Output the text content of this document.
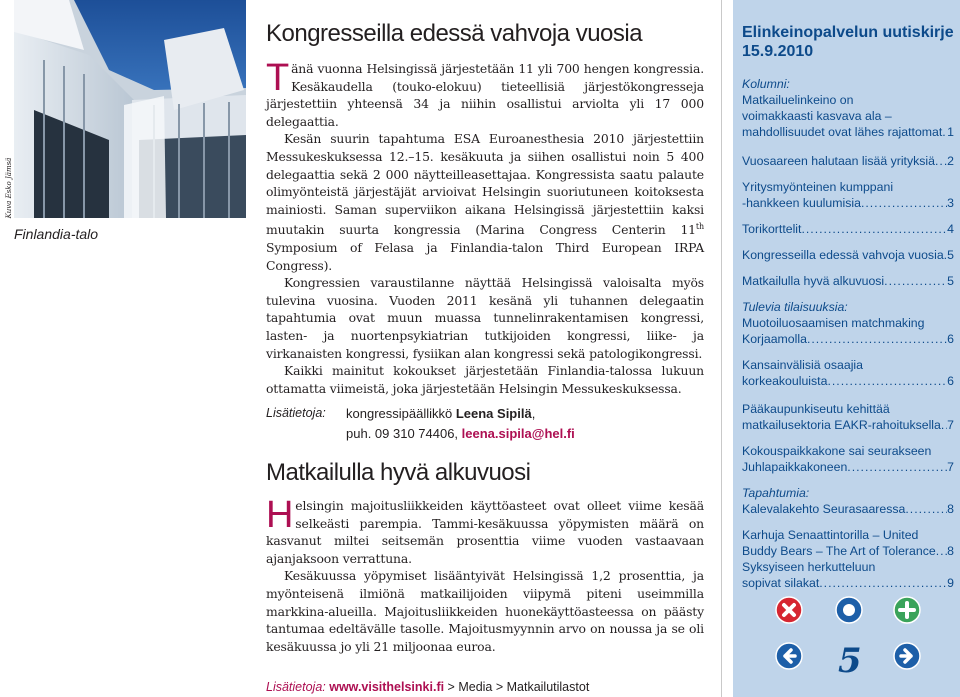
Kuva Esko Jämsä
Finlandia-talo
Kongresseilla edessä vahvoja vuosia

Tänä vuonna Helsingissä järjestetään 11 yli 700 hengen kongressia. Kesäkaudella (touko-elokuu) tieteellisiä järjestökongresseja järjestettiin yhteensä 34 ja niihin osallistui arviolta yli 17 000 delegaattia.

Kesän suurin tapahtuma ESA Euroanesthesia 2010 järjestettiin Messukeskuksessa 12.–15. kesäkuuta ja siihen osallistui noin 5 400 delegaattia sekä 2 000 näytteilleasettajaa. Kongressista saatu palaute olimyönteistä järjestäjät arvioivat Helsingin suoriutuneen koitoksesta mainiosti. Saman superviikon aikana Helsingissä järjestettiin kaksi muutakin suurta kongressia (Marina Congress Centerin 11th Symposium of Felasa ja Finlandia-talon Third European IRPA Congress).

Kongressien varaustilanne näyttää Helsingissä valoisalta myös tulevina vuosina. Vuoden 2011 kesänä yli tuhannen delegaatin tapahtumia ovat muun muassa tunnelinrakentamisen kongressi, lasten- ja nuortenpsykiatrian tutkijoiden kongressi, liike- ja virkanaisten kongressi, fysiikan alan kongressi sekä patologikongressi.

Kaikki mainitut kokoukset järjestetään Finlandia-talossa lukuun ottamatta viimeistä, joka järjestetään Helsingin Messukeskuksessa.

Lisätietoja: kongressipäällikkö Leena Sipilä,
puh. 09 310 74406, leena.sipila@hel.fi
Matkailulla hyvä alkuvuosi

Helsingin majoitusliikkeiden käyttöasteet ovat olleet viime kesää selkeästi parempia. Tammi-kesäkuussa yöpymisten määrä on kasvanut miltei seitsemän prosenttia viime vuoden vastaavaan ajanjaksoon verrattuna.

Kesäkuussa yöpymiset lisääntyivät Helsingissä 1,2 prosenttia, ja myönteisenä ilmiönä matkailijoiden viipymä piteni useimmilla markkina-alueilla. Majoitusliikkeiden huonekäyttöasteessa on päästy tantumaa edeltävälle tasolle. Majoitusmyynnin arvo on noussa ja se oli kesäkuussa jo yli 21 miljoonaa euroa.

Lisätietoja: www.visithelsinki.fi > Media > Matkailutilastot
Elinkeinopalvelun uutiskirje
15.9.2010
Kolumni:
Matkailuelinkeino on
voimakkaasti kasvava ala –
mahdollisuudet ovat lähes rajattomat ..... 1
Vuosaareen halutaan lisää yrityksiä ..... 2
Yritysmyönteinen kumppani
-hankkeen kuulumisia .....	3
Torikorttelit .....	4
Kongresseilla edessä vahvoja vuosia ..... 5
Matkailulla hyvä alkuvuosi .....	5
Tulevia tilaisuuksia:
Muotoiluosaamisen matchmaking
Korjaamolla .....	6
Kansainvälisiä osaajia
korkeakouluista .....	6
Pääkaupunkiseutu kehittää
matkailusektoria EAKR-rahoituksella ..... 7
Kokouspaikkakone sai seurakseen
Juhlapaikkakoneen .....	7
Tapahtumia:
Kalevalakehto Seurasaaressa .....	8
Karhuja Senaattintorilla – United
Buddy Bears – The Art of Tolerance ..... 8
Syksyiseen herkutteluun
sopivat silakat .....	9
5
